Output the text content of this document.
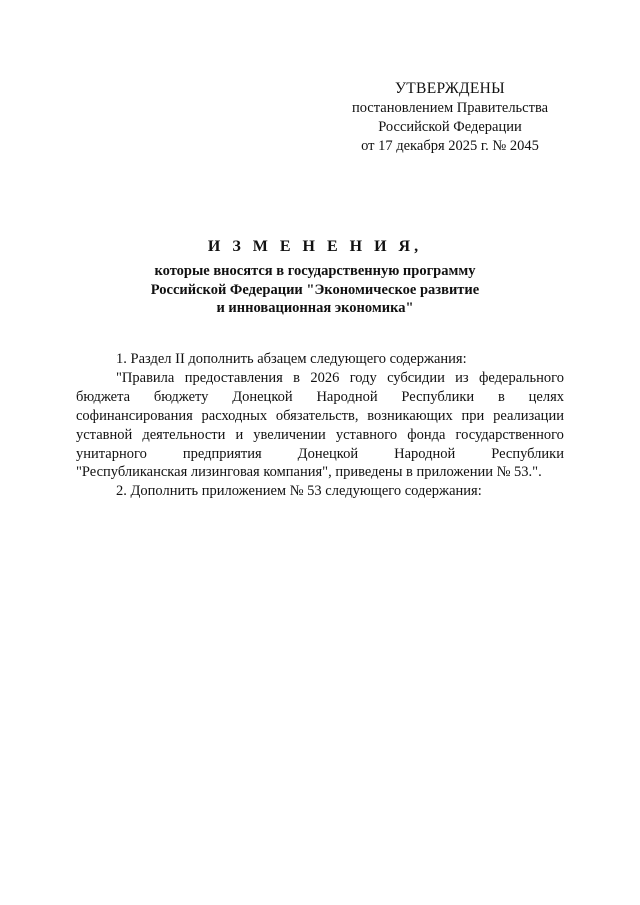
УТВЕРЖДЕНЫ
постановлением Правительства
Российской Федерации
от 17 декабря 2025 г. № 2045
И З М Е Н Е Н И Я,
которые вносятся в государственную программу
Российской Федерации "Экономическое развитие
и инновационная экономика"
1. Раздел II дополнить абзацем следующего содержания:
"Правила предоставления в 2026 году субсидии из федерального
бюджета бюджету Донецкой Народной Республики в целях
софинансирования расходных обязательств, возникающих при реализации
уставной деятельности и увеличении уставного фонда государственного
унитарного предприятия Донецкой Народной Республики
"Республиканская лизинговая компания", приведены в приложении № 53.".
2. Дополнить приложением № 53 следующего содержания:
